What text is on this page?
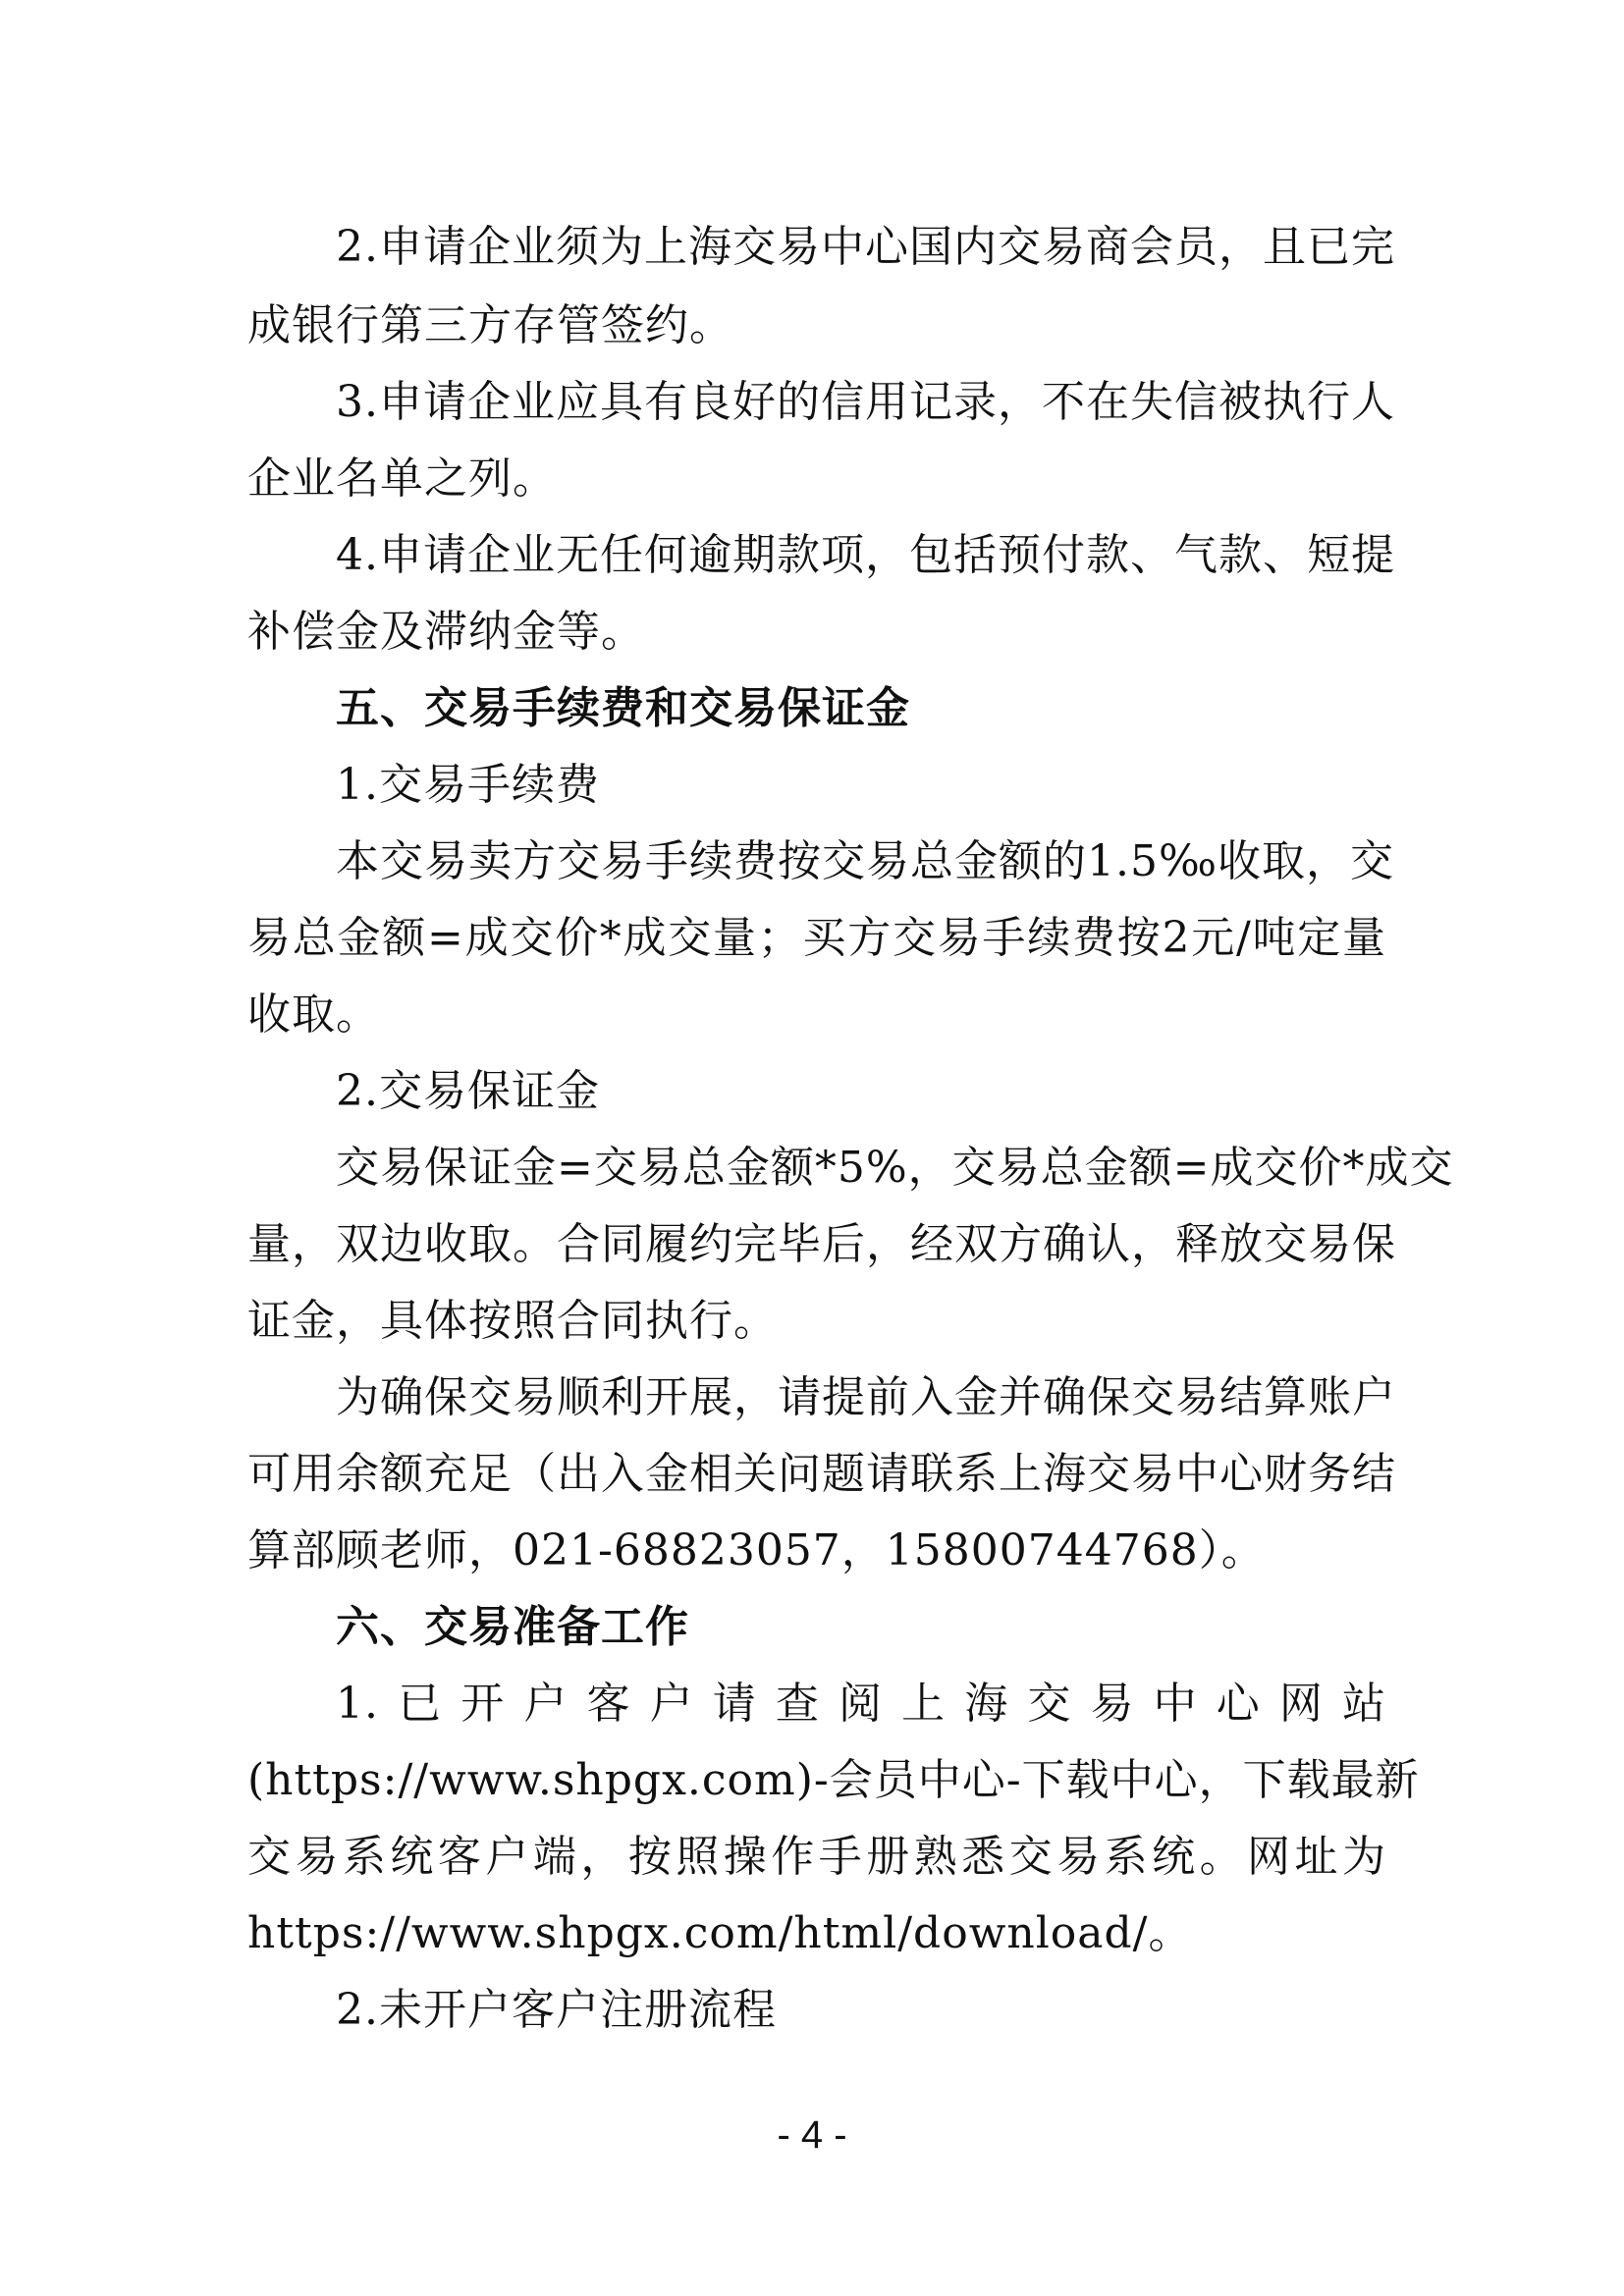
2.申请企业须为上海交易中心国内交易商会员，且已完
成银行第三方存管签约。
3.申请企业应具有良好的信用记录，不在失信被执行人
企业名单之列。
4.申请企业无任何逾期款项，包括预付款、气款、短提
补偿金及滞纳金等。
五、交易手续费和交易保证金
1.交易手续费
本交易卖方交易手续费按交易总金额的1.5‰收取，交
易总金额=成交价*成交量；买方交易手续费按2元/吨定量
收取。
2.交易保证金
交易保证金=交易总金额*5%，交易总金额=成交价*成交
量，双边收取。合同履约完毕后，经双方确认，释放交易保
证金，具体按照合同执行。
为确保交易顺利开展，请提前入金并确保交易结算账户
可用余额充足（出入金相关问题请联系上海交易中心财务结
算部顾老师，021-68823057，15800744768）。
六、交易准备工作
1.已开户客户请查阅上海交易中心网站
(https://www.shpgx.com)-会员中心-下载中心，下载最新
交易系统客户端，按照操作手册熟悉交易系统。网址为
https://www.shpgx.com/html/download/。
2.未开户客户注册流程
- 4 -
